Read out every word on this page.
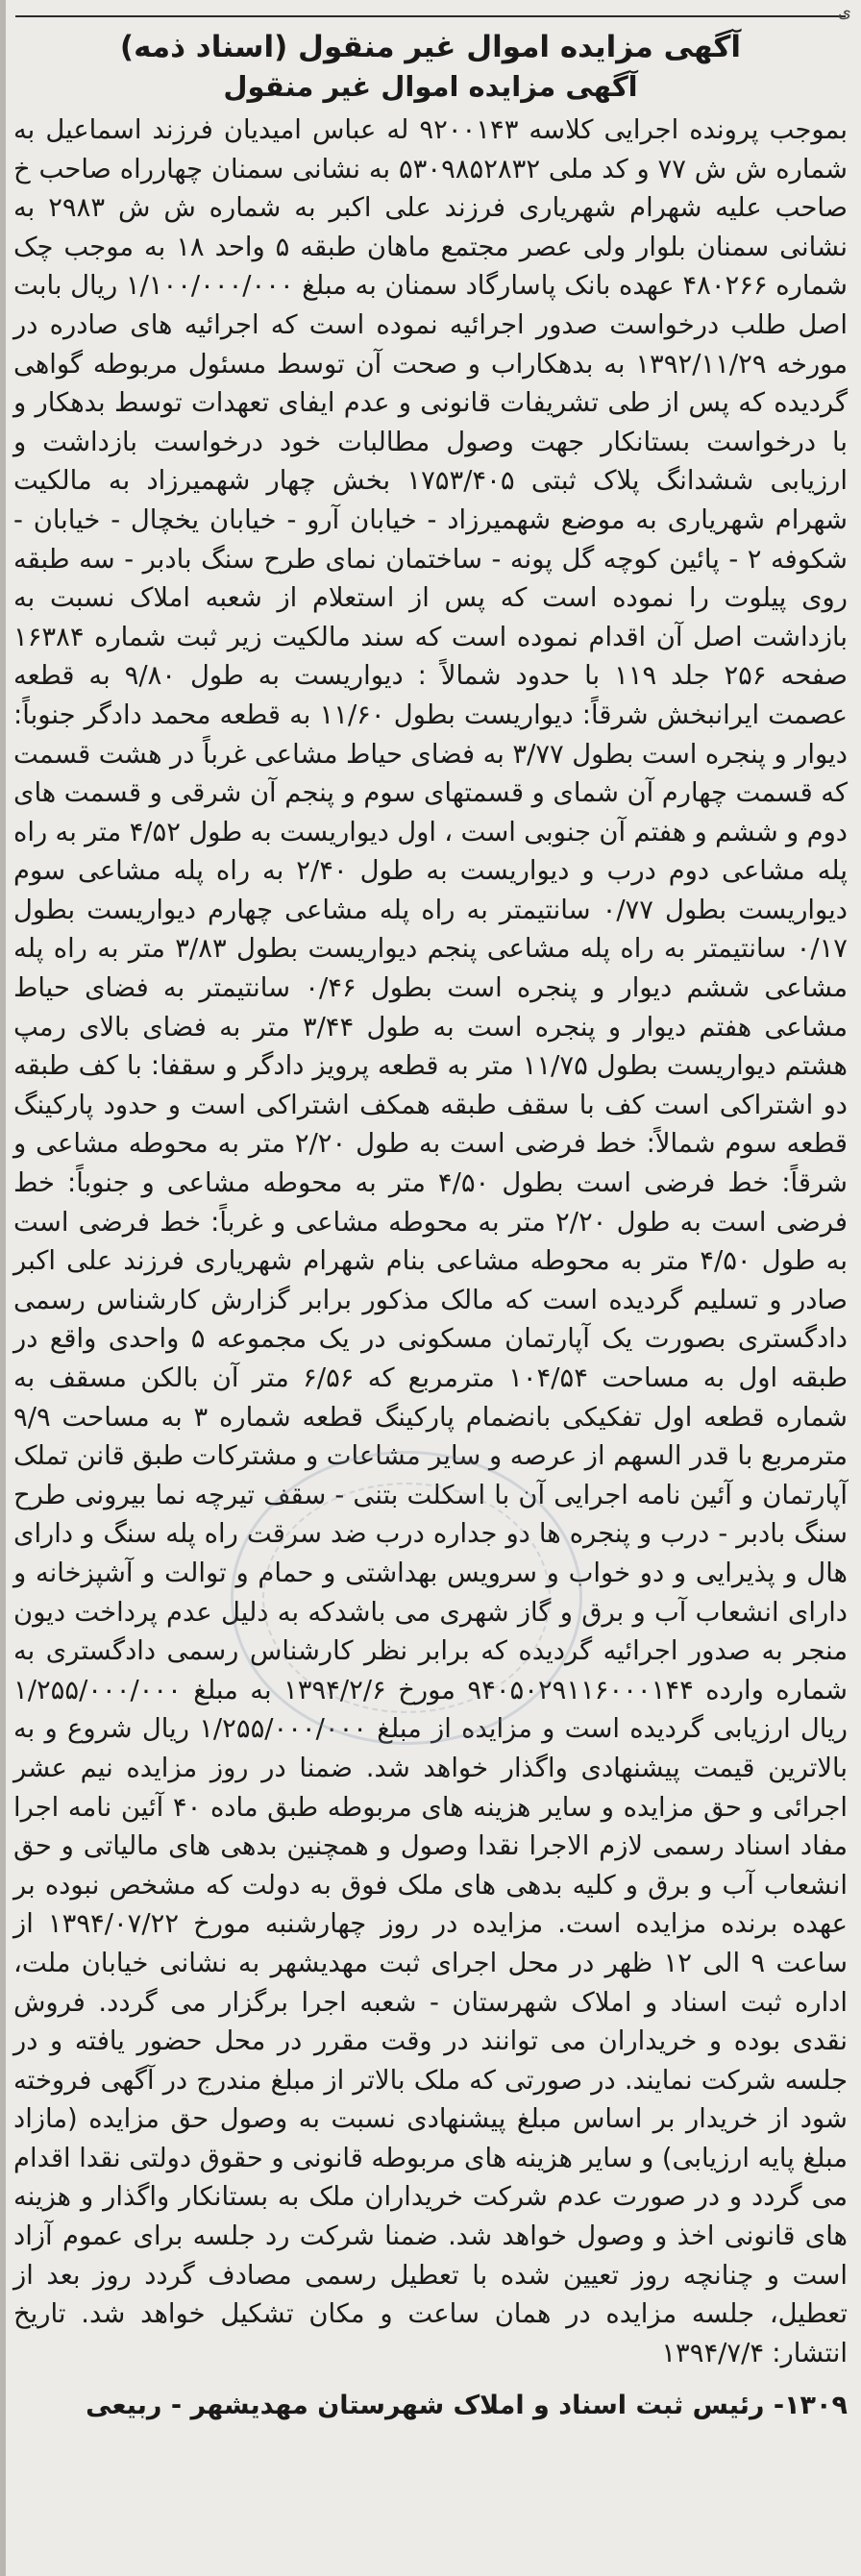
ی
آگهی مزایده اموال غیر منقول (اسناد ذمه)
آگهی مزایده اموال غیر منقول

بموجب پرونده اجرایی کلاسه ۹۲۰۰۱۴۳ له عباس امیدیان فرزند اسماعیل به شماره ش ش ۷۷ و کد ملی ۵۳۰۹۸۵۲۸۳۲ به نشانی سمنان چهارراه صاحب خ صاحب علیه شهرام شهریاری فرزند علی اکبر به شماره ش ش ۲۹۸۳ به نشانی سمنان بلوار ولی عصر مجتمع ماهان طبقه ۵ واحد ۱۸ به موجب چک شماره ۴۸۰۲۶۶ عهده بانک پاسارگاد سمنان به مبلغ ۱/۱۰۰/۰۰۰/۰۰۰ ریال بابت اصل طلب درخواست صدور اجرائیه نموده است که اجرائیه های صادره در مورخه ۱۳۹۲/۱۱/۲۹ به بدهکاراب و صحت آن توسط مسئول مربوطه گواهی گردیده که پس از طی تشریفات قانونی و عدم ایفای تعهدات توسط بدهکار و با درخواست بستانکار جهت وصول مطالبات خود درخواست بازداشت و ارزیابی ششدانگ پلاک ثبتی ۱۷۵۳/۴۰۵ بخش چهار شهمیرزاد به مالکیت شهرام شهریاری به موضع شهمیرزاد - خیابان آرو - خیابان یخچال - خیابان - شکوفه ۲ - پائین کوچه گل پونه - ساختمان نمای طرح سنگ بادبر - سه طبقه روی پیلوت را نموده است که پس از استعلام از شعبه املاک نسبت به بازداشت اصل آن اقدام نموده است که سند مالکیت زیر ثبت شماره ۱۶۳۸۴ صفحه ۲۵۶ جلد ۱۱۹ با حدود شمالاً : دیواریست به طول ۹/۸۰ به قطعه عصمت ایرانبخش شرقاً: دیواریست بطول ۱۱/۶۰ به قطعه محمد دادگر جنوباً: دیوار و پنجره است بطول ۳/۷۷ به فضای حیاط مشاعی غرباً در هشت قسمت که قسمت چهارم آن شمای و قسمتهای سوم و پنجم آن شرقی و قسمت های دوم و ششم و هفتم آن جنوبی است ، اول دیواریست به طول ۴/۵۲ متر به راه پله مشاعی دوم درب و دیواریست به طول ۲/۴۰ به راه پله مشاعی سوم دیواریست بطول ۰/۷۷ سانتیمتر به راه پله مشاعی چهارم دیواریست بطول ۰/۱۷ سانتیمتر به راه پله مشاعی پنجم دیواریست بطول ۳/۸۳ متر به راه پله مشاعی ششم دیوار و پنجره است بطول ۰/۴۶ سانتیمتر به فضای حیاط مشاعی هفتم دیوار و پنجره است به طول ۳/۴۴ متر به فضای بالای رمپ هشتم دیواریست بطول ۱۱/۷۵ متر به قطعه پرویز دادگر و سقفا: با کف طبقه دو اشتراکی است کف با سقف طبقه همکف اشتراکی است و حدود پارکینگ قطعه سوم شمالاً: خط فرضی است به طول ۲/۲۰ متر به محوطه مشاعی و شرقاً: خط فرضی است بطول ۴/۵۰ متر به محوطه مشاعی و جنوباً: خط فرضی است به طول ۲/۲۰ متر به محوطه مشاعی و غرباً: خط فرضی است به طول ۴/۵۰ متر به محوطه مشاعی بنام شهرام شهریاری فرزند علی اکبر صادر و تسلیم گردیده است که مالک مذکور برابر گزارش کارشناس رسمی دادگستری بصورت یک آپارتمان مسکونی در یک مجموعه ۵ واحدی واقع در طبقه اول به مساحت ۱۰۴/۵۴ مترمربع که ۶/۵۶ متر آن بالکن مسقف به شماره قطعه اول تفکیکی بانضمام پارکینگ قطعه شماره ۳ به مساحت ۹/۹ مترمربع با قدر السهم از عرصه و سایر مشاعات و مشترکات طبق قانن تملک آپارتمان و آئین نامه اجرایی آن با اسکلت بتنی - سقف تیرچه نما بیرونی طرح سنگ بادبر - درب و پنجره ها دو جداره درب ضد سرقت راه پله سنگ و دارای هال و پذیرایی و دو خواب و سرویس بهداشتی و حمام و توالت و آشپزخانه و دارای انشعاب آب و برق و گاز شهری می باشدکه به دلیل عدم پرداخت دیون منجر به صدور اجرائیه گردیده که برابر نظر کارشناس رسمی دادگستری به شماره وارده ۹۴۰۵۰۲۹۱۱۶۰۰۰۱۴۴ مورخ ۱۳۹۴/۲/۶ به مبلغ ۱/۲۵۵/۰۰۰/۰۰۰ ریال ارزیابی گردیده است و مزایده از مبلغ ۱/۲۵۵/۰۰۰/۰۰۰ ریال شروع و به بالاترین قیمت پیشنهادی واگذار خواهد شد. ضمنا در روز مزایده نیم عشر اجرائی و حق مزایده و سایر هزینه های مربوطه طبق ماده ۴۰ آئین نامه اجرا مفاد اسناد رسمی لازم الاجرا نقدا وصول و همچنین بدهی های مالیاتی و حق انشعاب آب و برق و کلیه بدهی های ملک فوق به دولت که مشخص نبوده بر عهده برنده مزایده است. مزایده در روز چهارشنبه مورخ ۱۳۹۴/۰۷/۲۲ از ساعت ۹ الی ۱۲ ظهر در محل اجرای ثبت مهدیشهر به نشانی خیابان ملت، اداره ثبت اسناد و املاک شهرستان - شعبه اجرا برگزار می گردد. فروش نقدی بوده و خریداران می توانند در وقت مقرر در محل حضور یافته و در جلسه شرکت نمایند. در صورتی که ملک بالاتر از مبلغ مندرج در آگهی فروخته شود از خریدار بر اساس مبلغ پیشنهادی نسبت به وصول حق مزایده (مازاد مبلغ پایه ارزیابی) و سایر هزینه های مربوطه قانونی و حقوق دولتی نقدا اقدام می گردد و در صورت عدم شرکت خریداران ملک به بستانکار واگذار و هزینه های قانونی اخذ و وصول خواهد شد. ضمنا شرکت رد جلسه برای عموم آزاد است و چنانچه روز تعیین شده با تعطیل رسمی مصادف گردد روز بعد از تعطیل، جلسه مزایده در همان ساعت و مکان تشکیل خواهد شد. تاریخ انتشار: ۱۳۹۴/۷/۴

۱۳۰۹- رئیس ثبت اسناد و املاک شهرستان مهدیشهر - ربیعی
